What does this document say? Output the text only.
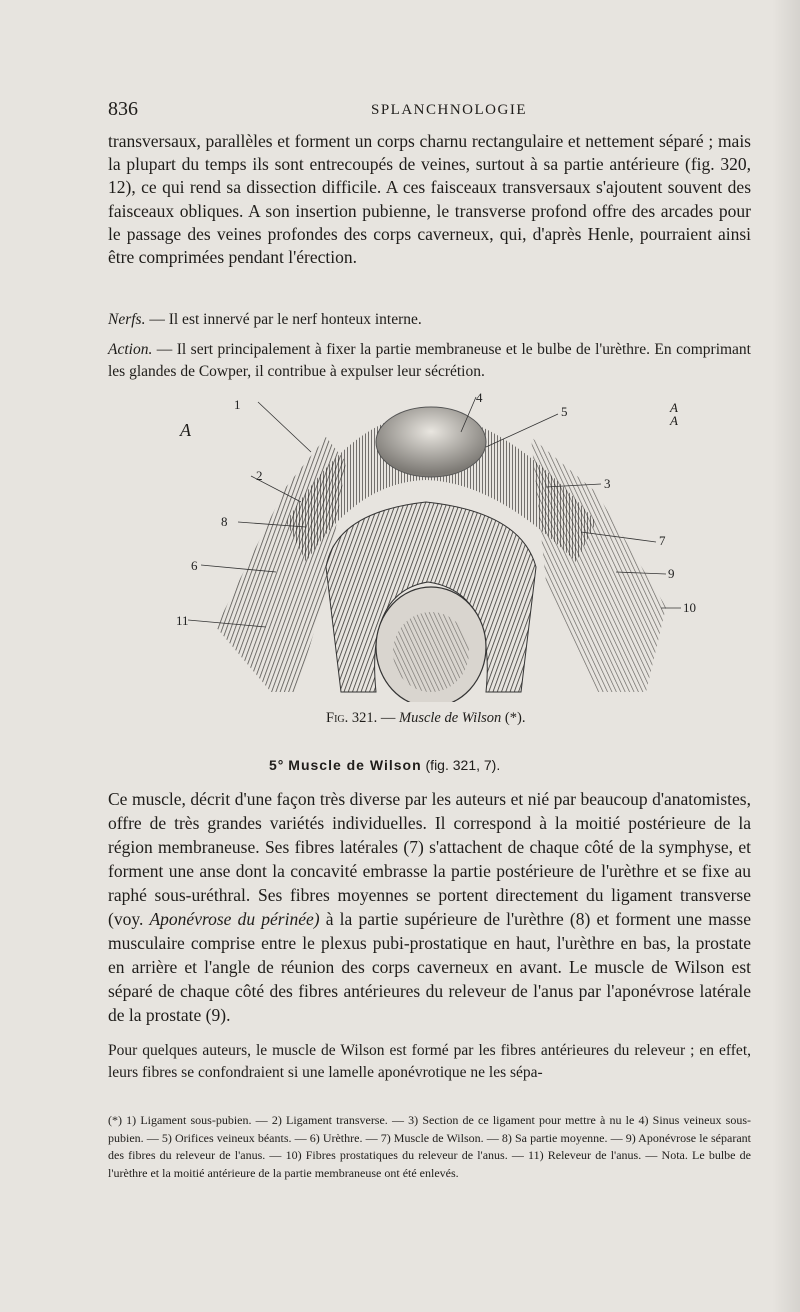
836	SPLANCHNOLOGIE

transversaux, parallèles et forment un corps charnu rectangulaire et nettement séparé ; mais la plupart du temps ils sont entrecoupés de veines, surtout à sa partie antérieure (fig. 320, 12), ce qui rend sa dissection difficile. A ces faisceaux transversaux s'ajoutent souvent des faisceaux obliques. A son insertion pubienne, le transverse profond offre des arcades pour le passage des veines profondes des corps caverneux, qui, d'après Henle, pourraient ainsi être comprimées pendant l'érection.

Nerfs. — Il est innervé par le nerf honteux interne.

Action. — Il sert principalement à fixer la partie membraneuse et le bulbe de l'urèthre. En comprimant les glandes de Cowper, il contribue à expulser leur sécrétion.

1
2
3
4
5
6
7
8
9
10
11
A
A
A
Fig. 321. — Muscle de Wilson (*).
5° Muscle de Wilson (fig. 321, 7).

Ce muscle, décrit d'une façon très diverse par les auteurs et nié par beaucoup d'anatomistes, offre de très grandes variétés individuelles. Il correspond à la moitié postérieure de la région membraneuse. Ses fibres latérales (7) s'attachent de chaque côté de la symphyse, et forment une anse dont la concavité embrasse la partie postérieure de l'urèthre et se fixe au raphé sous-uréthral. Ses fibres moyennes se portent directement du ligament transverse (voy. Aponévrose du périnée) à la partie supérieure de l'urèthre (8) et forment une masse musculaire comprise entre le plexus pubi-prostatique en haut, l'urèthre en bas, la prostate en arrière et l'angle de réunion des corps caverneux en avant. Le muscle de Wilson est séparé de chaque côté des fibres antérieures du releveur de l'anus par l'aponévrose latérale de la prostate (9).

Pour quelques auteurs, le muscle de Wilson est formé par les fibres antérieures du releveur ; en effet, leurs fibres se confondraient si une lamelle aponévrotique ne les sépa-

(*) 1) Ligament sous-pubien. — 2) Ligament transverse. — 3) Section de ce ligament pour mettre à nu le 4) Sinus veineux sous-pubien. — 5) Orifices veineux béants. — 6) Urèthre. — 7) Muscle de Wilson. — 8) Sa partie moyenne. — 9) Aponévrose le séparant des fibres du releveur de l'anus. — 10) Fibres prostatiques du releveur de l'anus. — 11) Releveur de l'anus. — Nota. Le bulbe de l'urèthre et la moitié antérieure de la partie membraneuse ont été enlevés.
